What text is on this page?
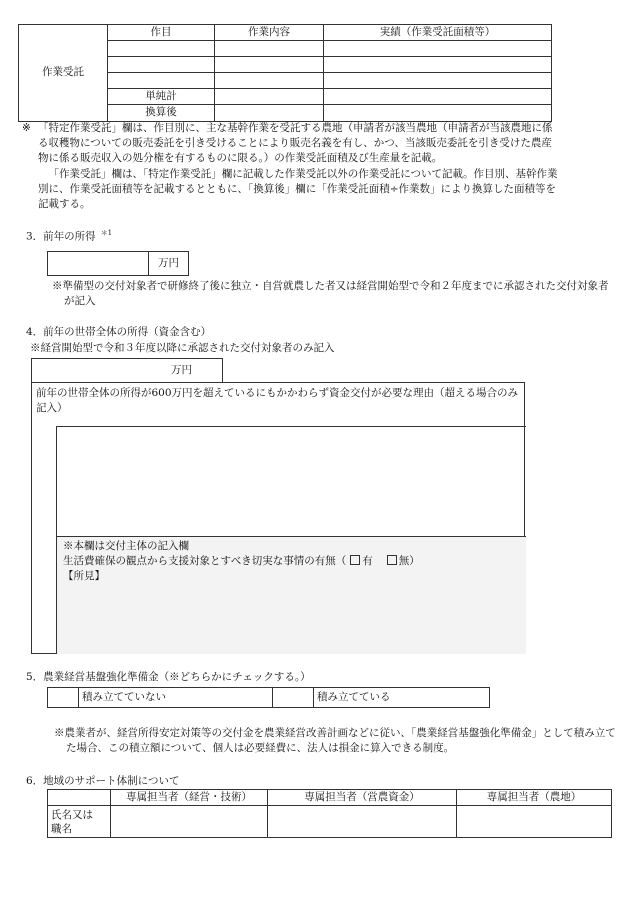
作業受託	作目	作業内容	実績（作業受託面積等）

	単純計		
	換算後		
※ 「特定作業受託」欄は、作目別に、主な基幹作業を受託する農地（申請者が該当農地（申請者が当該農地に係る収穫物についての販売委託を引き受けることにより販売名義を有し、かつ、当該販売委託を引き受けた農産物に係る販売収入の処分権を有するものに限る。）の作業受託面積及び生産量を記載。
「作業受託」欄は、「特定作業受託」欄に記載した作業受託以外の作業受託について記載。作目別、基幹作業別に、作業受託面積等を記載するとともに、「換算後」欄に「作業受託面積÷作業数」により換算した面積等を記載する。
3．前年の所得 $^{*1}$
	万円
※準備型の交付対象者で研修終了後に独立・自営就農した者又は経営開始型で令和２年度までに承認された交付対象者が記入
4．前年の世帯全体の所得（資金含む）
※経営開始型で令和３年度以降に承認された交付対象者のみ記入
万円	
前年の世帯全体の所得が600万円を超えているにもかかわらず資金交付が必要な理由（超える場合のみ記入）
※本欄は交付主体の記入欄
生活費確保の観点から支援対象とすべき切実な事情の有無（ 有 無）
【所見】
5．農業経営基盤強化準備金（※どちらかにチェックする。）
	積み立てていない		積み立てている
※農業者が、経営所得安定対策等の交付金を農業経営改善計画などに従い、「農業経営基盤強化準備金」として積み立てた場合、この積立額について、個人は必要経費に、法人は損金に算入できる制度。
6．地域のサポート体制について
	専属担当者（経営・技術）	専属担当者（営農資金）	専属担当者（農地）

氏名又は
職名			
